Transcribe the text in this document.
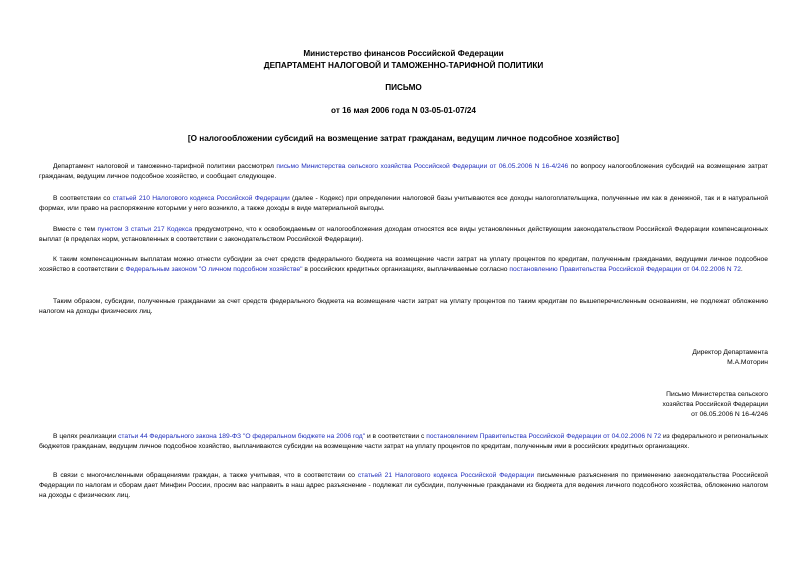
Министерство финансов Российской Федерации
ДЕПАРТАМЕНТ НАЛОГОВОЙ И ТАМОЖЕННО-ТАРИФНОЙ ПОЛИТИКИ
ПИСЬМО
от 16 мая 2006 года N 03-05-01-07/24
[О налогообложении субсидий на возмещение затрат гражданам, ведущим личное подсобное хозяйство]
Департамент налоговой и таможенно-тарифной политики рассмотрел письмо Министерства сельского хозяйства Российской Федерации от 06.05.2006 N 16-4/246 по вопросу налогообложения субсидий на возмещение затрат гражданам, ведущим личное подсобное хозяйство, и сообщает следующее.
В соответствии со статьей 210 Налогового кодекса Российской Федерации (далее - Кодекс) при определении налоговой базы учитываются все доходы налогоплательщика, полученные им как в денежной, так и в натуральной формах, или право на распоряжение которыми у него возникло, а также доходы в виде материальной выгоды.
Вместе с тем пунктом 3 статьи 217 Кодекса предусмотрено, что к освобождаемым от налогообложения доходам относятся все виды установленных действующим законодательством Российской Федерации компенсационных выплат (в пределах норм, установленных в соответствии с законодательством Российской Федерации).
К таким компенсационным выплатам можно отнести субсидии за счет средств федерального бюджета на возмещение части затрат на уплату процентов по кредитам, полученным гражданами, ведущими личное подсобное хозяйство в соответствии с Федеральным законом "О личном подсобном хозяйстве" в российских кредитных организациях, выплачиваемые согласно постановлению Правительства Российской Федерации от 04.02.2006 N 72.
Таким образом, субсидии, полученные гражданами за счет средств федерального бюджета на возмещение части затрат на уплату процентов по таким кредитам по вышеперечисленным основаниям, не подлежат обложению налогом на доходы физических лиц.
Директор Департамента
М.А.Моторин
Письмо Министерства сельского
хозяйства Российской Федерации
от 06.05.2006 N 16-4/246
В целях реализации статьи 44 Федерального закона 189-ФЗ "О федеральном бюджете на 2006 год" и в соответствии с постановлением Правительства Российской Федерации от 04.02.2006 N 72 из федерального и региональных бюджетов гражданам, ведущим личное подсобное хозяйство, выплачиваются субсидии на возмещение части затрат на уплату процентов по кредитам, полученным ими в российских кредитных организациях.
В связи с многочисленными обращениями граждан, а также учитывая, что в соответствии со статьей 21 Налогового кодекса Российской Федерации письменные разъяснения по применению законодательства Российской Федерации по налогам и сборам дает Минфин России, просим вас направить в наш адрес разъяснение - подлежат ли субсидии, полученные гражданами из бюджета для ведения личного подсобного хозяйства, обложению налогом на доходы с физических лиц.
